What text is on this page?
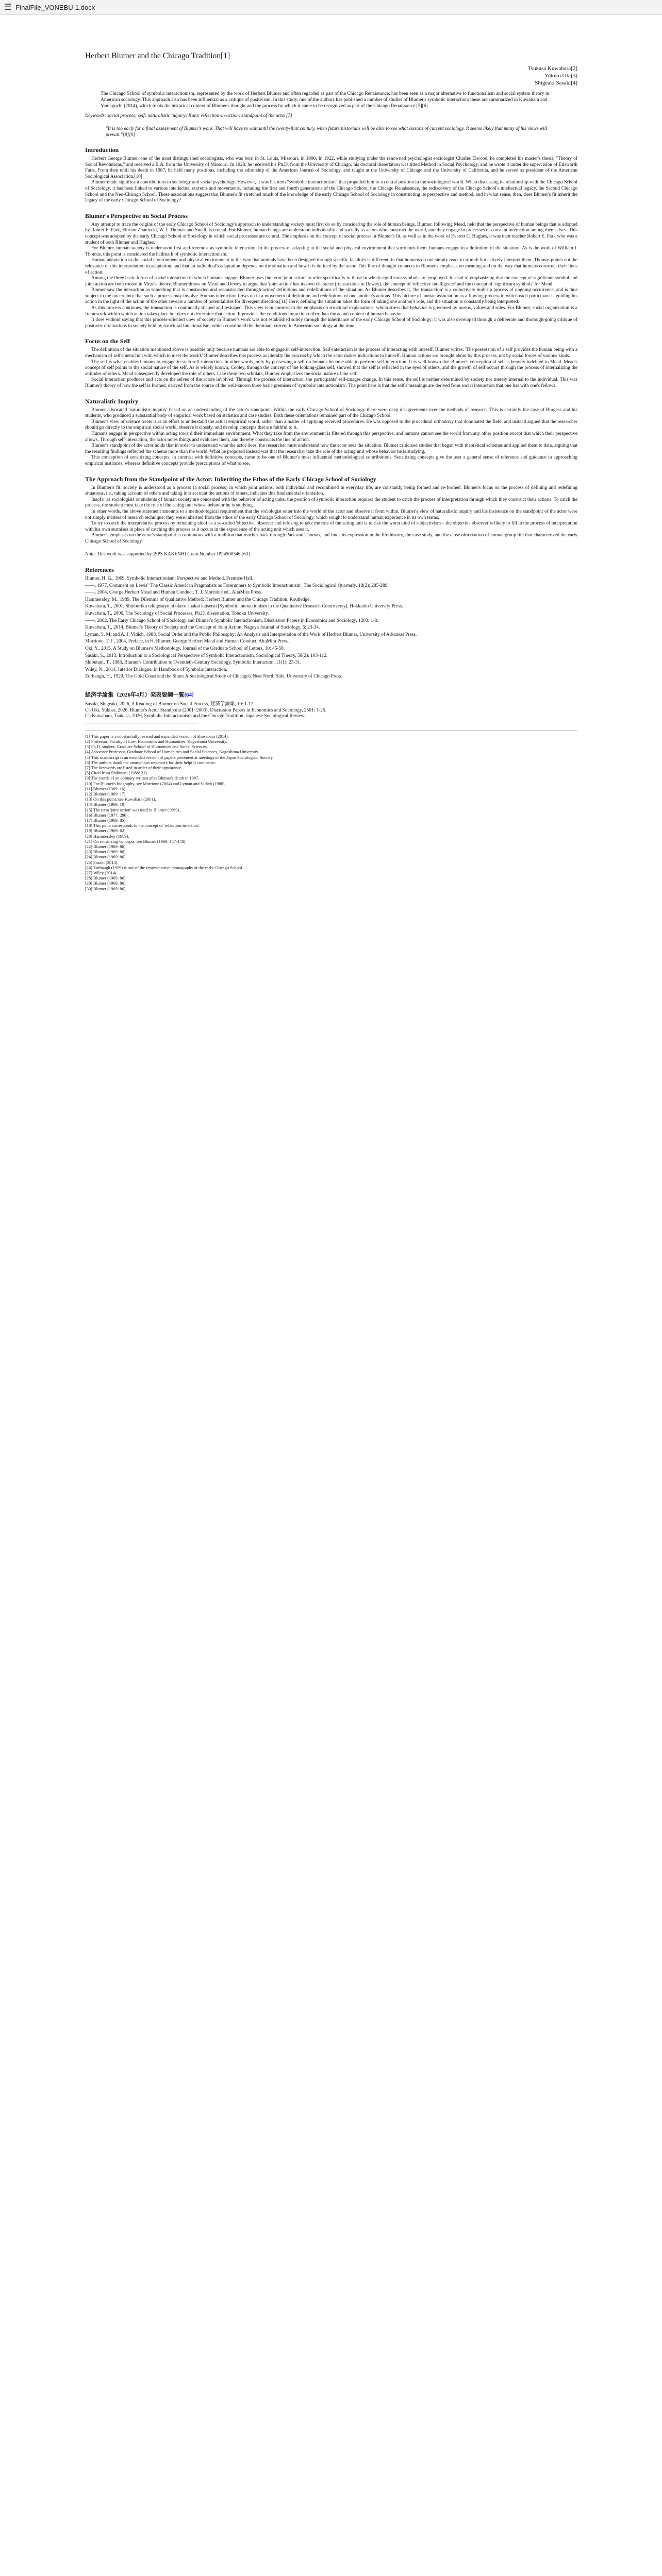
☰ FinalFile_VONEBU-1.docx
Herbert Blumer and the Chicago Tradition[1]
Tsukasa Kuwabara[2]
Yukiko Oki[3]
Shigeaki Sasaki[4]

The Chicago School of symbolic interactionism, represented by the work of Herbert Blumer and often regarded as part of the Chicago Renaissance, has been seen as a major alternative to functionalism and social system theory in American sociology. This approach also has been influential as a critique of positivism. In this study, one of the authors has published a number of studies of Blumer's symbolic interaction; these are summarized in Kuwabara and Yamaguchi (2014), which treats the historical context of Blumer's thought and the process by which it came to be recognized as part of the Chicago Renaissance.[5][6]

Keywords: social process; self; naturalistic inquiry; Kant; reflection-in-action; standpoint of the actor[7]

"It is too early for a final assessment of Blumer's work. That will have to wait until the twenty-first century, when future historians will be able to see what lessons of current sociology. It seems likely that many of his views will prevail."[8][9]

Introduction

Herbert George Blumer, one of the most distinguished sociologists, who was born in St. Louis, Missouri, in 1900. In 1922, while studying under the renowned psychologist sociologist Charles Elwood, he completed his master's thesis, "Theory of Social Revolutions," and received a B.A. from the University of Missouri. In 1928, he received his Ph.D. from the University of Chicago; his doctoral dissertation was titled Method in Social Psychology, and he wrote it under the supervision of Ellsworth Faris. From then until his death in 1987, he held many positions, including the editorship of the American Journal of Sociology, and taught at the University of Chicago and the University of California, and he served as president of the American Sociological Association.[10]

Blumer made significant contributions to sociology and social psychology. However, it was his term "symbolic interactionism" that propelled him to a central position in the sociological world. When discussing its relationship with the Chicago School of Sociology, it has been linked to various intellectual currents and movements, including the first and fourth generations of the Chicago School, the Chicago Renaissance, the rediscovery of the Chicago School's intellectual legacy, the Second Chicago School and the Neo-Chicago School. These associations suggest that Blumer's fit stretched much of the knowledge of the early Chicago School of Sociology in constructing its perspective and method, and in what sense, then, does Blumer's fit inherit the legacy of the early Chicago School of Sociology?

Blumer's Perspective on Social Process

Any attempt to trace the origins of the early Chicago School of Sociology's approach to understanding society must first do so by considering the role of human beings. Blumer, following Mead, held that the perspective of human beings that is adopted by Robert E. Park, Florian Znaniecki, W. I. Thomas and Small, is crucial. For Blumer, human beings are understood individually and socially as actors who construct the world, and they engage in processes of constant interaction among themselves. This concept was adopted by the early Chicago School of Sociology in which social processes are central. The emphasis on the concept of social process in Blumer's fit, as well as in the work of Everett C. Hughes, it was their teacher Robert E. Park who was a student of both Blumer and Hughes.

For Blumer, human society is understood first and foremost as symbolic interaction. In the process of adapting to the social and physical environment that surrounds them, humans engage in a definition of the situation. As is the work of William I. Thomas, this point is considered the hallmark of symbolic interactionism.

Human adaptation to the social environment and physical environment in the way that animals have been designed through specific faculties is different, in that humans do not simply react to stimuli but actively interpret them. Thomas points out the relevance of this interpretation to adaptation, and that an individual's adaptation depends on the situation and how it is defined by the actor. This line of thought connects to Blumer's emphasis on meaning and on the way that humans construct their lines of action.

Among the three basic forms of social interaction in which humans engage, Blumer uses the term 'joint action' to refer specifically to those in which significant symbols are employed. Instead of emphasizing that the concept of significant symbol and joint action are both rooted in Mead's theory, Blumer draws on Mead and Dewey to argue that 'joint action' has its own character (transactions in Dewey), the concept of 'reflective intelligence' and the concept of 'significant symbols' for Mead.

Blumer saw the interaction as something that is constructed and reconstructed through actors' definitions and redefinitions of the situation. As Blumer describes it, 'the transaction' is a collectively built-up process of ongoing occurrence, and is thus subject to the uncertainty that such a process may involve. Human interaction flows on in a movement of definition and redefinition of one another's actions. This picture of human association as a flowing process in which each participant is guiding his action in the light of the action of the other reveals a number of potentialities for divergent direction.[11] Here, defining the situation takes the form of taking one another's role, and the situation is constantly being interpreted.

As this process continues, the transaction is continually shaped and reshaped. This view is in contrast to the emphasis on structural explanations, which stress that behavior is governed by norms, values and roles. For Blumer, social organization is a framework within which action takes place but does not determine that action. It provides the conditions for action rather than the actual content of human behavior.

It does without saying that this process-oriented view of society in Blumer's work was not established solely through the inheritance of the early Chicago School of Sociology; it was also developed through a deliberate and thorough-going critique of positivist orientations in society held by structural functionalism, which constituted the dominant current in American sociology at the time.

Focus on the Self

The definition of the situation mentioned above is possible only because humans are able to engage in self-interaction. Self-interaction is the process of interacting with oneself. Blumer writes: 'The possession of a self provides the human being with a mechanism of self-interaction with which to meet the world.' Blumer describes this process as literally the process by which the actor makes indications to himself. Human actions are brought about by this process, not by social forces of various kinds.

The self is what enables humans to engage in such self-interaction. In other words, only by possessing a self do humans become able to perform self-interaction. It is well known that Blumer's conception of self is heavily indebted to Mead. Mead's concept of self points to the social nature of the self. As is widely known, Cooley, through the concept of the looking-glass self, showed that the self is reflected in the eyes of others, and the growth of self occurs through the process of internalizing the attitudes of others. Mead subsequently developed the role of others. Like these two scholars, Blumer emphasizes the social nature of the self.

Social interaction produces and acts on the selves of the actors involved. Through the process of interaction, the participants' self-images change. In this sense, the self is neither determined by society nor merely internal to the individual. This was Blumer's theory of how the self is formed, derived from the source of the well-known three basic premises of 'symbolic interactionism'. The point here is that the self's meanings are derived from social interaction that one has with one's fellows.

Naturalistic Inquiry

Blumer advocated 'naturalistic inquiry' based on an understanding of the actor's standpoint. Within the early Chicago School of Sociology there were deep disagreements over the methods of research. This is certainly the case of Burgess and his students, who produced a substantial body of empirical work based on statistics and case studies. Both these orientations remained part of the Chicago School.

Blumer's view of science treats it as an effort to understand the actual empirical world, rather than a matter of applying received procedures. He was opposed to the procedural orthodoxy that dominated the field, and instead argued that the researcher should go directly to the empirical social world, observe it closely, and develop concepts that are faithful to it.

Humans engage in perspective within acting toward their immediate environment. What they take from the environment is filtered through this perspective, and humans cannot see the world from any other position except that which their perspective allows. Through self-interaction, the actor notes things and evaluates them, and thereby constructs the line of action.

Blumer's standpoint of the actor holds that in order to understand what the actor does, the researcher must understand how the actor sees the situation. Blumer criticized studies that began with theoretical schemes and applied them to data, arguing that the resulting findings reflected the scheme more than the world. What he proposed instead was that the researcher take the role of the acting unit whose behavior he is studying.

This conception of sensitizing concepts, in contrast with definitive concepts, came to be one of Blumer's most influential methodological contributions. Sensitizing concepts give the user a general sense of reference and guidance in approaching empirical instances, whereas definitive concepts provide prescriptions of what to see.

The Approach from the Standpoint of the Actor: Inheriting the Ethos of the Early Chicago School of Sociology

In Blumer's fit, society is understood as a process (a social process) in which joint actions, both individual and recombined in everyday life, are constantly being formed and re-formed. Blumer's focus on the process of defining and redefining situations, i.e., taking account of others and taking into account the actions of others, indicates this fundamental orientation.

Insofar as sociologists or students of human society are concerned with the behavior of acting units, the position of symbolic interaction requires the student to catch the process of interpretation through which they construct their actions. To catch the process, the student must take the role of the acting unit whose behavior he is studying.

In other words, the above statement amounts to a methodological requirement that the sociologist enter into the world of the actor and observe it from within. Blumer's view of naturalistic inquiry and his insistence on the standpoint of the actor were not simply matters of research technique; they were inherited from the ethos of the early Chicago School of Sociology, which sought to understand human experience in its own terms.

To try to catch the interpretative process by remaining aloof as a so-called 'objective' observer and refusing to take the role of the acting unit is to risk the worst kind of subjectivism—the objective observer is likely to fill in the process of interpretation with his own surmises in place of catching the process as it occurs in the experience of the acting unit which uses it.

Blumer's emphasis on the actor's standpoint is continuous with a tradition that reaches back through Park and Thomas, and finds its expression in the life-history, the case study, and the close observation of human group life that characterized the early Chicago School of Sociology.

Note: This work was supported by JSPS KAKENHI Grant Number JP24500546.[63]

References

Blumer, H. G., 1969, Symbolic Interactionism: Perspective and Method, Prentice-Hall.

——, 1977, Comment on Lewis' 'The Classic American Pragmatists as Forerunners to Symbolic Interactionism', The Sociological Quarterly, 18(2): 285-289.

——, 2004, George Herbert Mead and Human Conduct, T. J. Morrione ed., AltaMira Press.

Hammersley, M., 1989, The Dilemma of Qualitative Method: Herbert Blumer and the Chicago Tradition, Routledge.

Kuwabara, T., 2001, Shinboriku tekigosayo ni okeru shakai kaisetsu [Symbolic interactionism in the Qualitative Research Controversy], Hokkaido University Press.

Kuwabara, T., 2006, The Sociology of Social Processes, Ph.D. dissertation, Tohoku University.

——, 2002, The Early Chicago School of Sociology and Blumer's Symbolic Interactionism, Discussion Papers in Economics and Sociology, 1203: 1-8.

Kuwabara, T., 2014, Blumer's Theory of Society and the Concept of Joint Action, Nagoya Journal of Sociology, 6: 23-34.

Lyman, S. M. and A. J. Vidich, 1988, Social Order and the Public Philosophy: An Analysis and Interpretation of the Work of Herbert Blumer, University of Arkansas Press.

Morrione, T. J., 2004, Preface, in H. Blumer, George Herbert Mead and Human Conduct, AltaMira Press.

Oki, Y., 2015, A Study on Blumer's Methodology, Journal of the Graduate School of Letters, 10: 45-58.

Sasaki, S., 2013, Introduction to a Sociological Perspective of Symbolic Interactionism, Sociological Theory, 58(2): 103-112.

Shibutani, T., 1988, Blumer's Contribution to Twentieth-Century Sociology, Symbolic Interaction, 11(1): 23-31.

Wiley, N., 2014, Interior Dialogue, in Handbook of Symbolic Interaction.

Zorbaugh, H., 1929, The Gold Coast and the Slum: A Sociological Study of Chicago's Near North Side, University of Chicago Press.

経済学論集（2026年4月）発表要綱一覧[64]

Sasaki, Shigeaki, 2026, A Reading of Blumer on Social Process, 経済学論集, 10: 1-12.

Ch Oki, Yukiko, 2026, Blumer's Actor Standpoint (2001~2003), Discussion Papers in Economics and Sociology, 2501: 1-25.

Ch Kuwabara, Tsukasa, 2026, Symbolic Interactionism and the Chicago Tradition, Japanese Sociological Review.

[1] This paper is a substantially revised and expanded version of Kuwabara (2014).

[2] Professor, Faculty of Law, Economics and Humanities, Kagoshima University.

[3] Ph.D. student, Graduate School of Humanities and Social Sciences.

[4] Associate Professor, Graduate School of Humanities and Social Sciences, Kagoshima University.

[5] This manuscript is an extended version of papers presented at meetings of the Japan Sociological Society.

[6] The authors thank the anonymous reviewers for their helpful comments.

[7] The keywords are listed in order of their appearance.

[8] Cited from Shibutani (1988: 31).

[9] The words of an obituary written after Blumer's death in 1987.

[10] For Blumer's biography, see Morrione (2004) and Lyman and Vidich (1988).

[11] Blumer (1969: 16).

[12] Blumer (1969: 17).

[13] On this point, see Kuwabara (2001).

[14] Blumer (1969: 10).

[15] The term 'joint action' was used in Blumer (1969).

[16] Blumer (1977: 286).

[17] Blumer (1969: 85).

[18] This point corresponds to the concept of 'reflection-in-action'.

[19] Blumer (1969: 62).

[20] Hammersley (1989).

[21] On sensitizing concepts, see Blumer (1969: 147-148).

[22] Blumer (1969: 86).

[23] Blumer (1969: 86).

[24] Blumer (1969: 86).

[25] Sasaki (2013).

[26] Zorbaugh (1929) is one of the representative monographs of the early Chicago School.

[27] Wiley (2014).

[28] Blumer (1969: 86).

[29] Blumer (1969: 86).

[30] Blumer (1969: 86).
